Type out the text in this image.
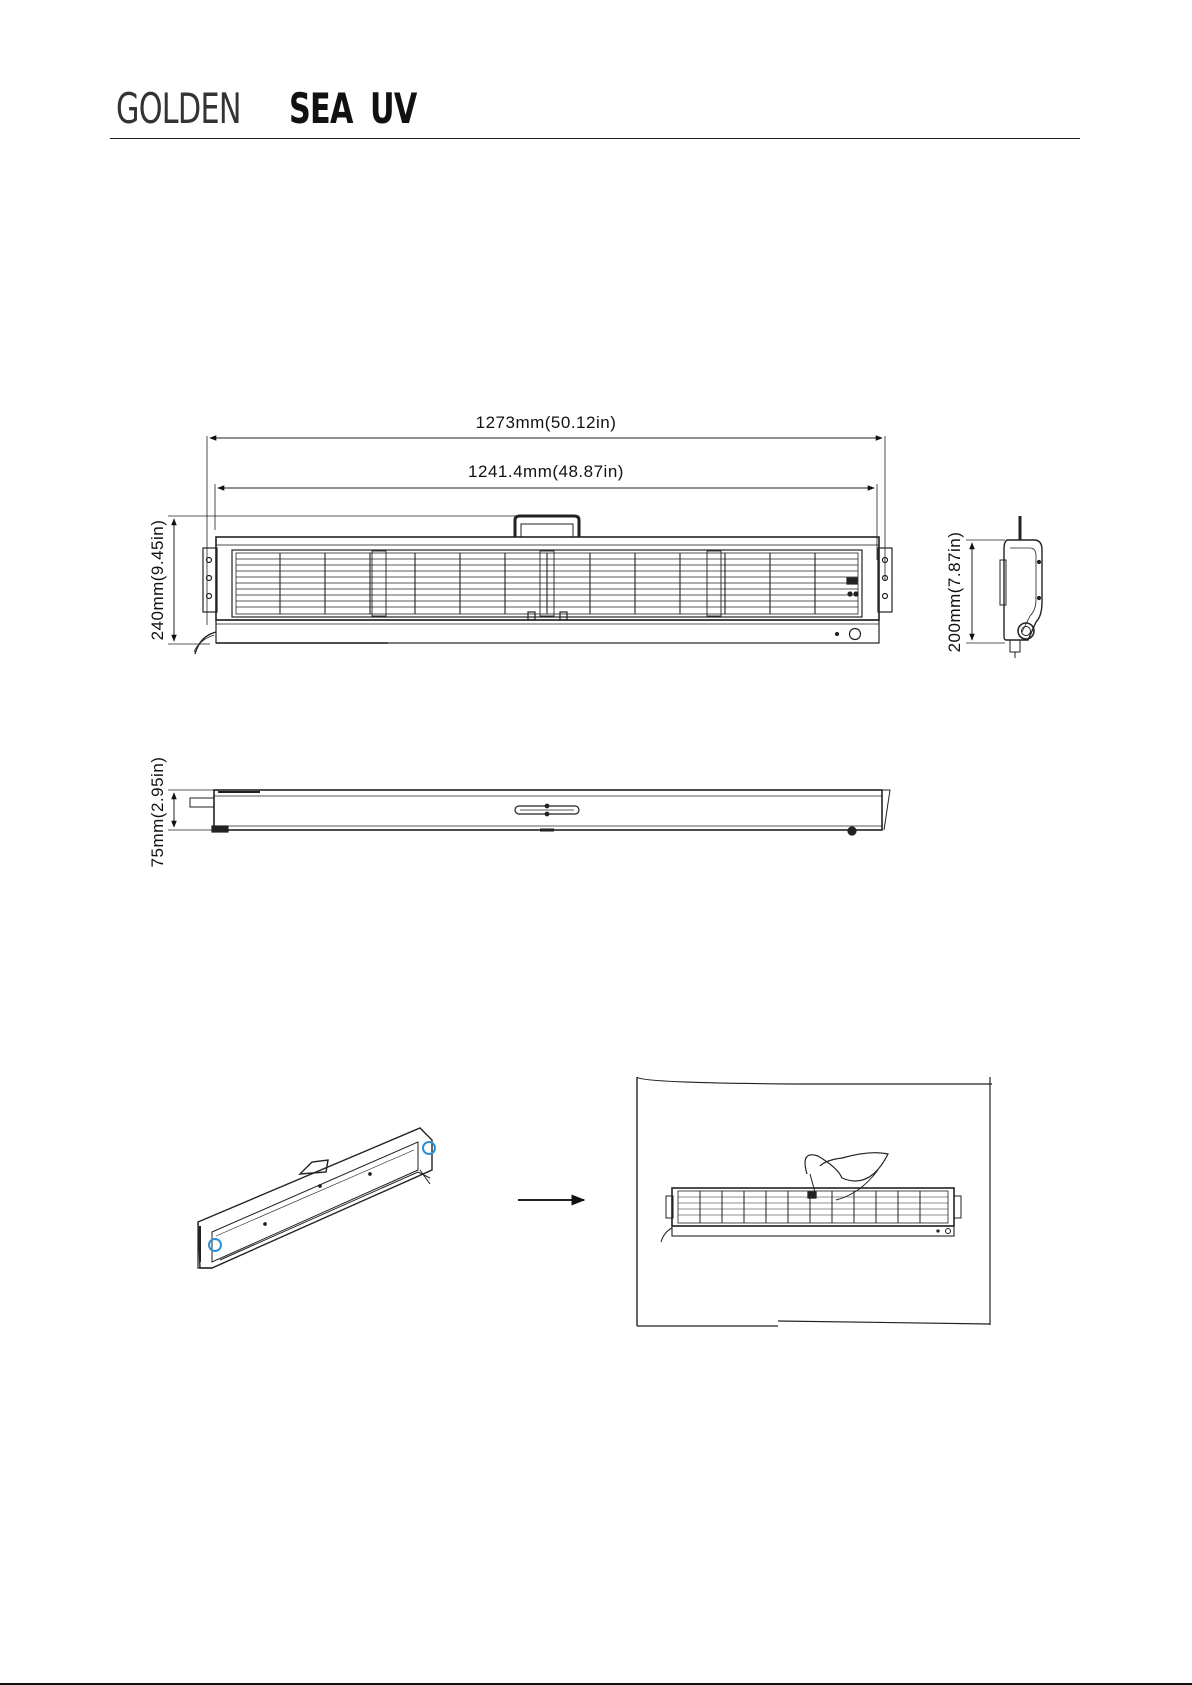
GOLDEN SEA UV
1273mm(50.12in)
1241.4mm(48.87in)
240mm(9.45in)	200mm(7.87in)
75mm(2.95in)
